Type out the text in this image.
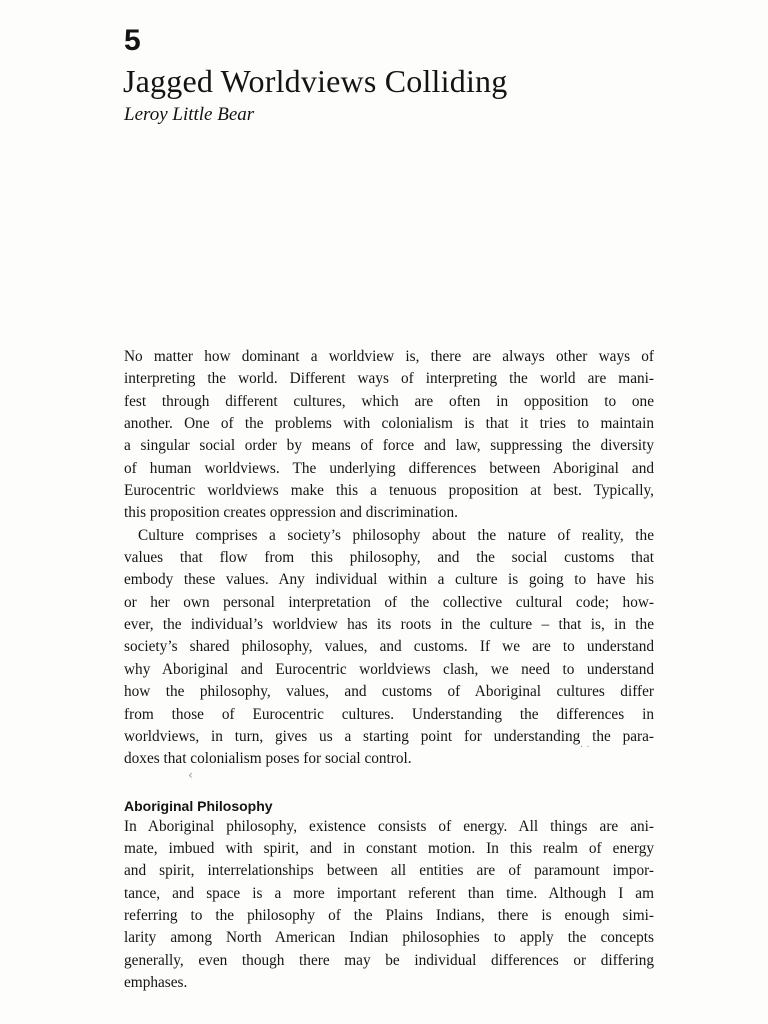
5
Jagged Worldviews Colliding
Leroy Little Bear

No matter how dominant a worldview is, there are always other ways of

interpreting the world. Different ways of interpreting the world are mani-

fest through different cultures, which are often in opposition to one

another. One of the problems with colonialism is that it tries to maintain

a singular social order by means of force and law, suppressing the diversity

of human worldviews. The underlying differences between Aboriginal and

Eurocentric worldviews make this a tenuous proposition at best. Typically,

this proposition creates oppression and discrimination.

Culture comprises a society’s philosophy about the nature of reality, the

values that flow from this philosophy, and the social customs that

embody these values. Any individual within a culture is going to have his

or her own personal interpretation of the collective cultural code; how-

ever, the individual’s worldview has its roots in the culture – that is, in the

society’s shared philosophy, values, and customs. If we are to understand

why Aboriginal and Eurocentric worldviews clash, we need to understand

how the philosophy, values, and customs of Aboriginal cultures differ

from those of Eurocentric cultures. Understanding the differences in

worldviews, in turn, gives us a starting point for understanding the para-

doxes that colonialism poses for social control.

Aboriginal Philosophy

In Aboriginal philosophy, existence consists of energy. All things are ani-

mate, imbued with spirit, and in constant motion. In this realm of energy

and spirit, interrelationships between all entities are of paramount impor-

tance, and space is a more important referent than time. Although I am

referring to the philosophy of the Plains Indians, there is enough simi-

larity among North American Indian philosophies to apply the concepts

generally, even though there may be individual differences or differing

emphases.

‹
· ·
